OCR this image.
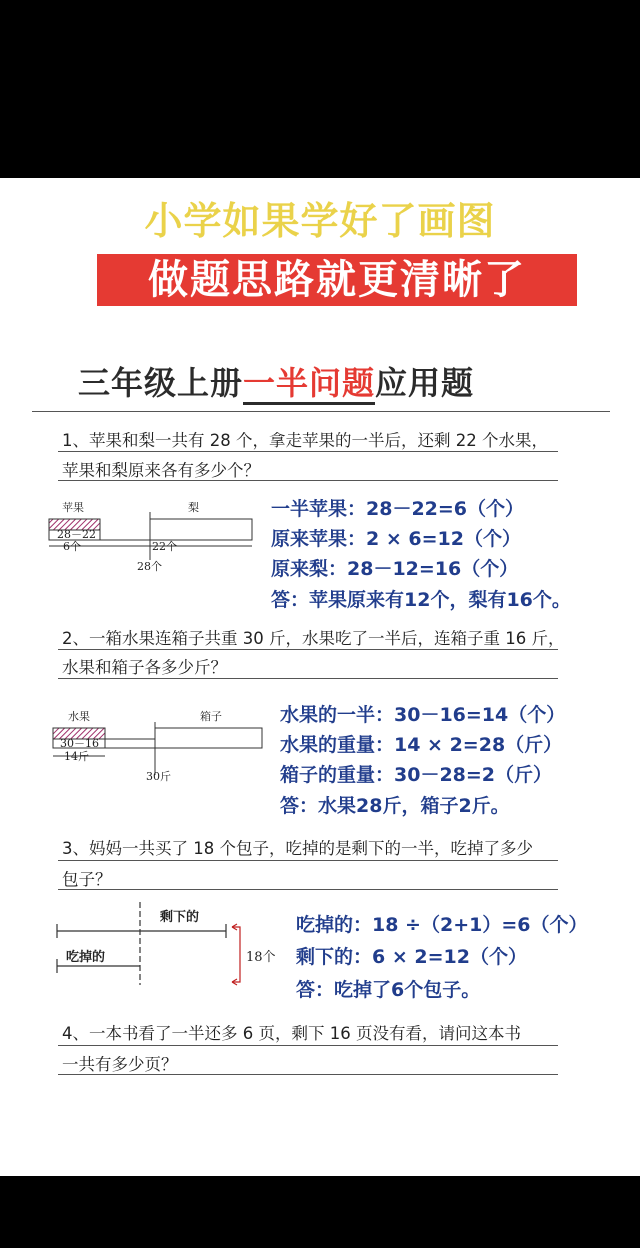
小学如果学好了画图
做题思路就更清晰了
三年级上册一半问题应用题
1、苹果和梨一共有 28 个，拿走苹果的一半后，还剩 22 个水果，
苹果和梨原来各有多少个？
苹果	梨
28－22
6个	22个
28个
一半苹果：28－22=6（个）
原来苹果：2 × 6=12（个）
原来梨：28－12=16（个）
答：苹果原来有12个，梨有16个。
2、一箱水果连箱子共重 30 斤，水果吃了一半后，连箱子重 16 斤，
水果和箱子各多少斤？
水果	箱子
30－16
14斤
30斤
水果的一半：30－16=14（个）
水果的重量：14 × 2=28（斤）
箱子的重量：30－28=2（斤）
答：水果28斤，箱子2斤。
3、妈妈一共买了 18 个包子，吃掉的是剩下的一半，吃掉了多少
包子？
剩下的
吃掉的	18个
吃掉的：18 ÷（2+1）=6（个）
剩下的：6 × 2=12（个）
答：吃掉了6个包子。
4、一本书看了一半还多 6 页，剩下 16 页没有看，请问这本书
一共有多少页？
